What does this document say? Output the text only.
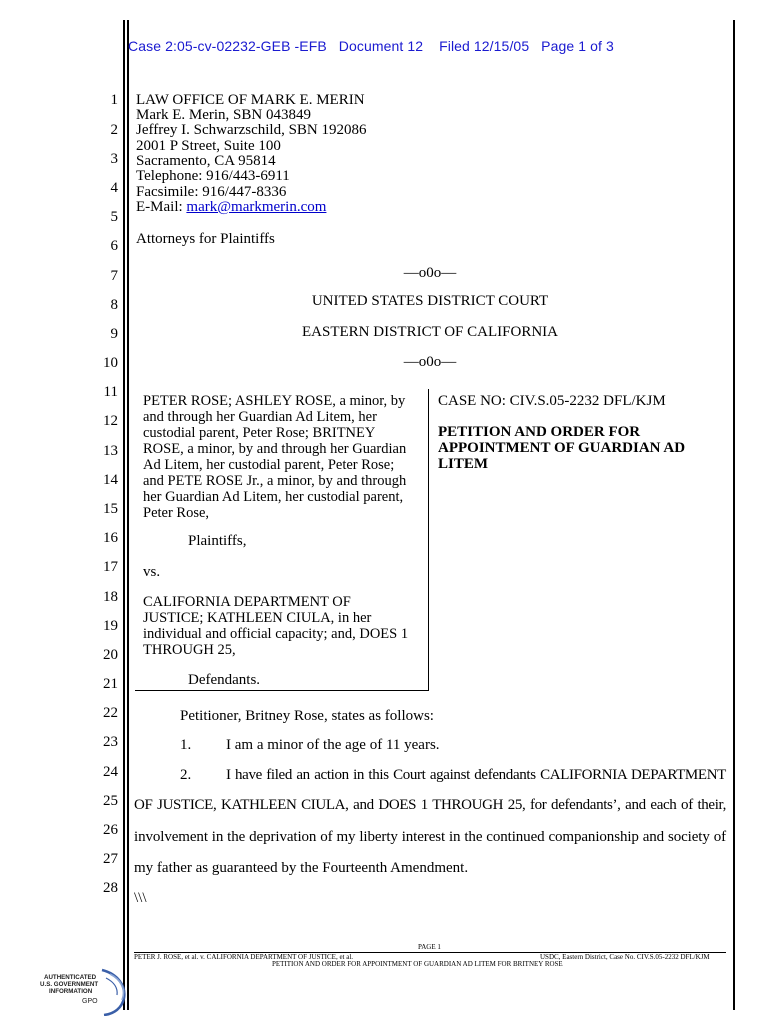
Case 2:05-cv-02232-GEB -EFB   Document 12    Filed 12/15/05   Page 1 of 3
1
2
3
4
5
6
7
8
9
10
11
12
13
14
15
16
17
18
19
20
21
22
23
24
25
26
27
28
LAW OFFICE OF MARK E. MERIN
Mark E. Merin, SBN 043849
Jeffrey I. Schwarzschild, SBN 192086
2001 P Street, Suite 100
Sacramento, CA 95814
Telephone: 916/443-6911
Facsimile: 916/447-8336
E-Mail: mark@markmerin.com
Attorneys for Plaintiffs
—o0o—
UNITED STATES DISTRICT COURT
EASTERN DISTRICT OF CALIFORNIA
—o0o—
PETER ROSE; ASHLEY ROSE, a minor, by
and through her Guardian Ad Litem, her
custodial parent, Peter Rose; BRITNEY
ROSE, a minor, by and through her Guardian
Ad Litem, her custodial parent, Peter Rose;
and PETE ROSE Jr., a minor, by and through
her Guardian Ad Litem, her custodial parent,
Peter Rose,
Plaintiffs,
vs.
CALIFORNIA DEPARTMENT OF
JUSTICE; KATHLEEN CIULA, in her
individual and official capacity; and, DOES 1
THROUGH 25,
Defendants.
CASE NO: CIV.S.05-2232 DFL/KJM
PETITION AND ORDER FOR
APPOINTMENT OF GUARDIAN AD
LITEM
Petitioner, Britney Rose, states as follows:
1. I am a minor of the age of 11 years.
2. I have filed an action in this Court against defendants CALIFORNIA DEPARTMENT
OF JUSTICE, KATHLEEN CIULA, and DOES 1 THROUGH 25, for defendants’, and each of their,
involvement in the deprivation of my liberty interest in the continued companionship and society of
my father as guaranteed by the Fourteenth Amendment.
\\\
PAGE 1
PETER J. ROSE, et al. v. CALIFORNIA DEPARTMENT OF JUSTICE, et al.	USDC, Eastern District, Case No. CIV.S.05-2232 DFL/KJM
PETITION AND ORDER FOR APPOINTMENT OF GUARDIAN AD LITEM FOR BRITNEY ROSE
AUTHENTICATED
U.S. GOVERNMENT
INFORMATION
GPO
